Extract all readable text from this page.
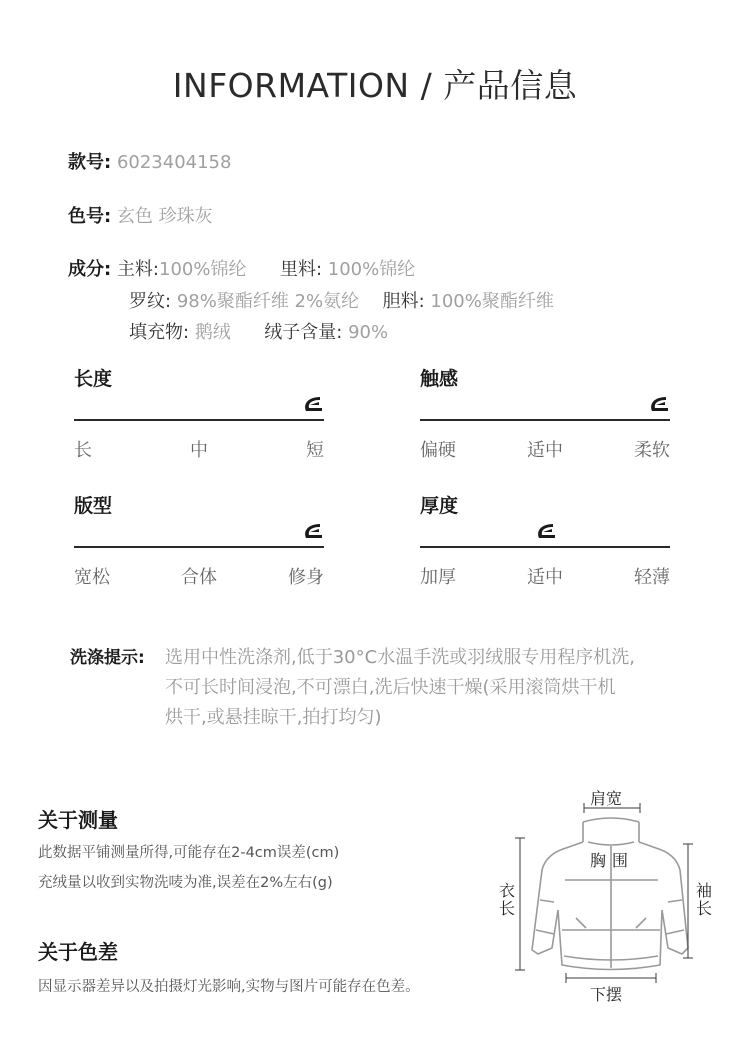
INFORMATION / 产品信息
款号: 6023404158
色号: 玄色 珍珠灰
成分: 主料:100%锦纶 里料: 100%锦纶
罗纹: 98%聚酯纤维 2%氨纶 胆料: 100%聚酯纤维
填充物: 鹅绒 绒子含量: 90%
长度
长	中	短
触感
偏硬	适中	柔软
版型
宽松	合体	修身
厚度
加厚	适中	轻薄
洗涤提示: 选用中性洗涤剂,低于30°C水温手洗或羽绒服专用程序机洗,
不可长时间浸泡,不可漂白,洗后快速干燥(采用滚筒烘干机
烘干,或悬挂晾干,拍打均匀)
关于测量
此数据平铺测量所得,可能存在2-4cm误差(cm)
充绒量以收到实物洗唛为准,误差在2%左右(g)
关于色差
因显示器差异以及拍摄灯光影响,实物与图片可能存在色差。
肩宽
胸围
衣长
袖长
下摆
